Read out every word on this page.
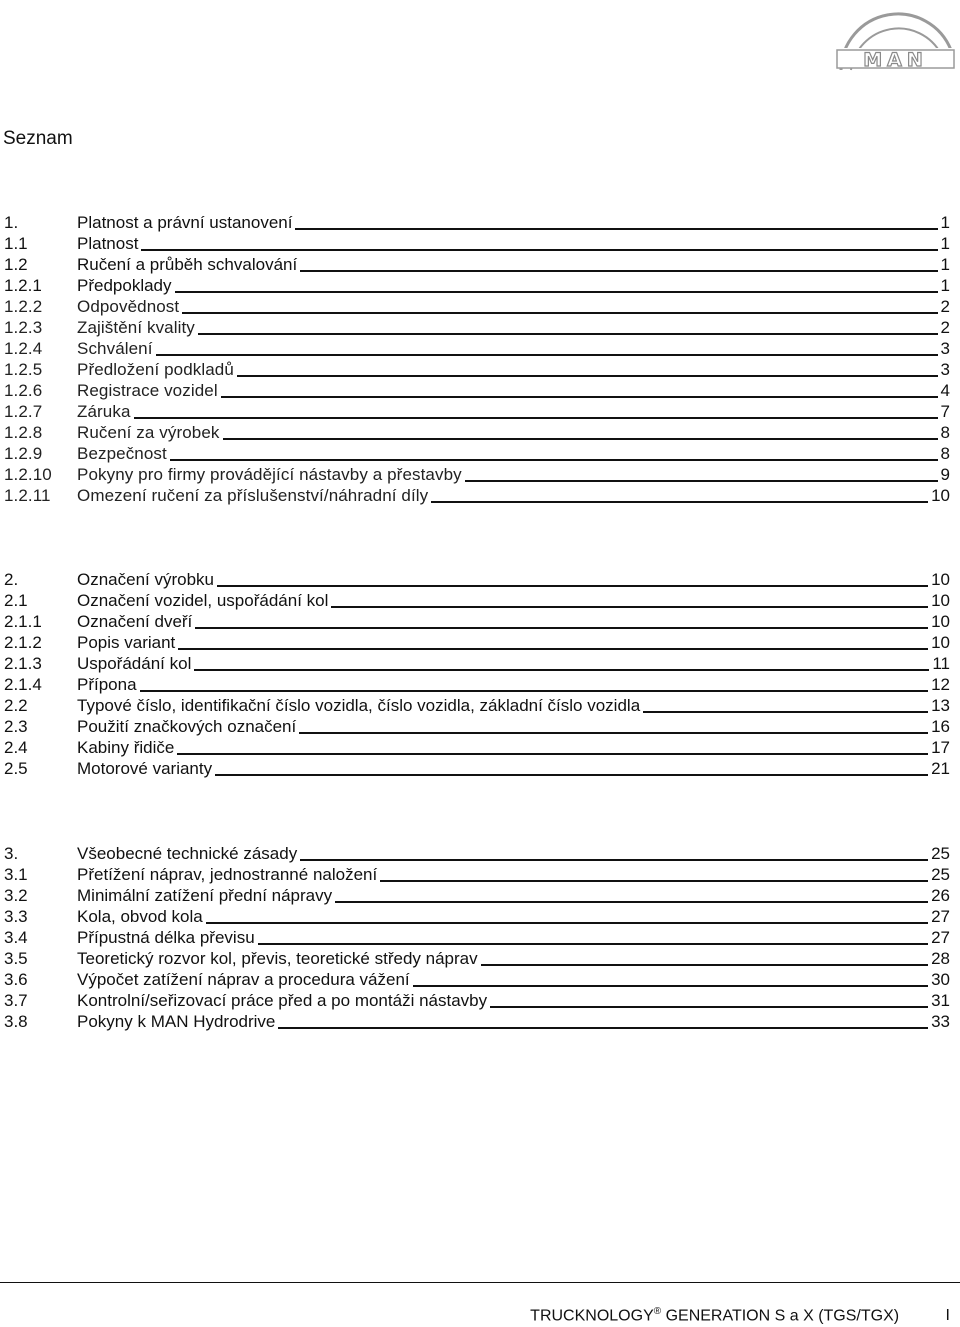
MAN
Seznam
1.	Platnost a právní ustanovení	1
1.1	Platnost	1
1.2	Ručení a průběh schvalování	1
1.2.1	Předpoklady	1
1.2.2	Odpovědnost	2
1.2.3	Zajištění kvality	2
1.2.4	Schválení	3
1.2.5	Předložení podkladů	3
1.2.6	Registrace vozidel	4
1.2.7	Záruka	7
1.2.8	Ručení za výrobek	8
1.2.9	Bezpečnost	8
1.2.10	Pokyny pro firmy provádějící nástavby a přestavby	9
1.2.11	Omezení ručení za příslušenství/náhradní díly	10
2.	Označení výrobku	10
2.1	Označení vozidel, uspořádání kol	10
2.1.1	Označení dveří	10
2.1.2	Popis variant	10
2.1.3	Uspořádání kol	11
2.1.4	Přípona	12
2.2	Typové číslo, identifikační číslo vozidla, číslo vozidla, základní číslo vozidla	13
2.3	Použití značkových označení	16
2.4	Kabiny řidiče	17
2.5	Motorové varianty	21
3.	Všeobecné technické zásady	25
3.1	Přetížení náprav, jednostranné naložení	25
3.2	Minimální zatížení přední nápravy	26
3.3	Kola, obvod kola	27
3.4	Přípustná délka převisu	27
3.5	Teoretický rozvor kol, převis, teoretické středy náprav	28
3.6	Výpočet zatížení náprav a procedura vážení	30
3.7	Kontrolní/seřizovací práce před a po montáži nástavby	31
3.8	Pokyny k MAN Hydrodrive	33
TRUCKNOLOGY® GENERATION S a X (TGS/TGX)	I
